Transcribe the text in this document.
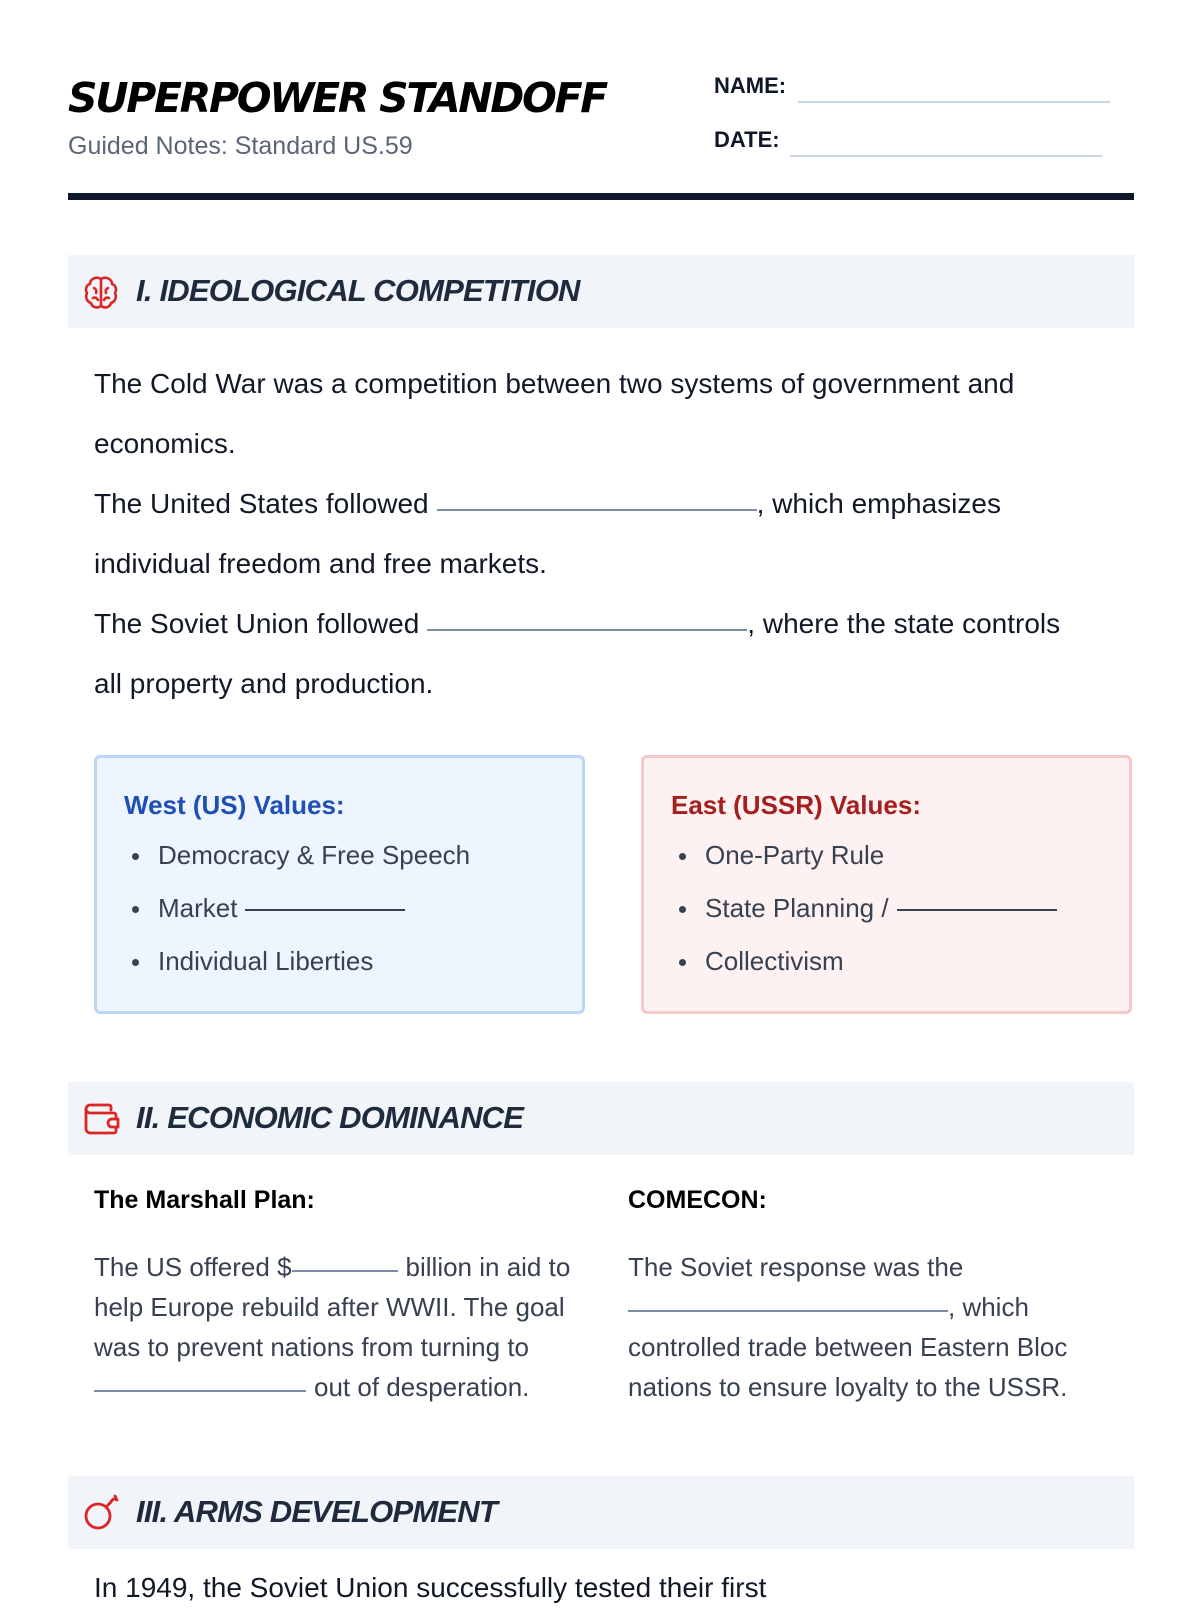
SUPERPOWER STANDOFF
Guided Notes: Standard US.59
NAME:
DATE:
I. IDEOLOGICAL COMPETITION
The Cold War was a competition between two systems of government and
economics.
The United States followed	, which emphasizes
individual freedom and free markets.
The Soviet Union followed	, where the state controls
all property and production.
West (US) Values:
Democracy & Free Speech
Market
Individual Liberties
East (USSR) Values:
One-Party Rule
State Planning /
Collectivism
II. ECONOMIC DOMINANCE
The Marshall Plan:
The US offered $	billion in aid to
help Europe rebuild after WWII. The goal
was to prevent nations from turning to
out of desperation.
COMECON:
The Soviet response was the
, which
controlled trade between Eastern Bloc
nations to ensure loyalty to the USSR.
III. ARMS DEVELOPMENT
In 1949, the Soviet Union successfully tested their first
